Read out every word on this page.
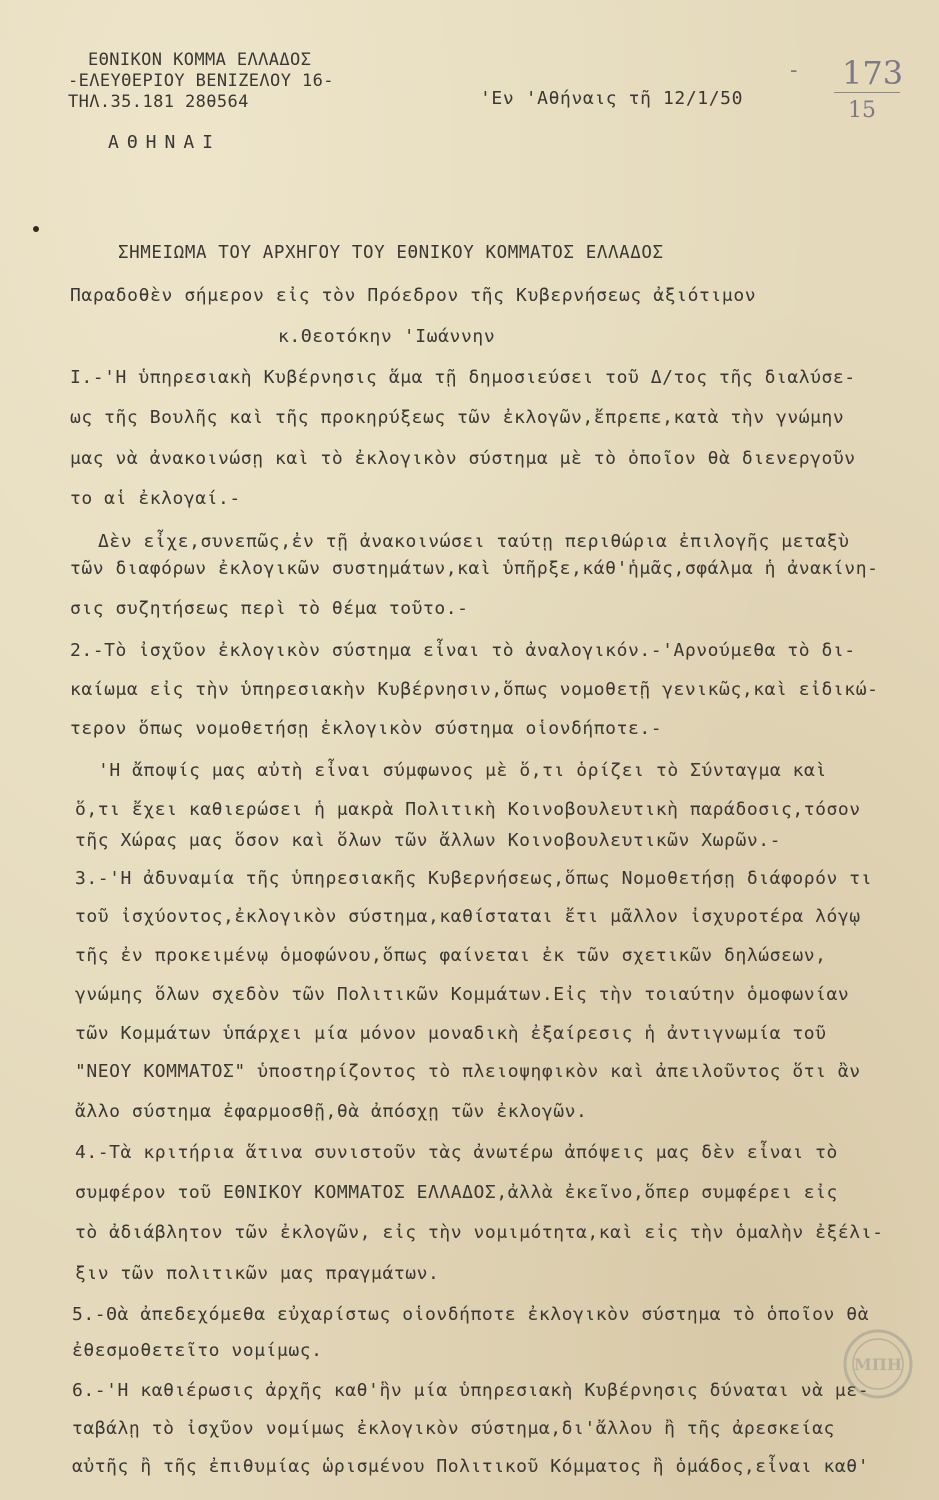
ΕΘΝΙΚΟΝ ΚΟΜΜΑ ΕΛΛΑΔΟΣ
-ΕΛΕΥΘΕΡΙΟΥ ΒΕΝΙΖΕΛΟΥ 16-
ΤΗΛ.35.181 28θ564
ΑΘΗΝΑΙ
'Εν 'Αθήναις τῆ 12/1/50
- 173
15
ΣΗΜΕΙΩΜΑ ΤΟΥ ΑΡΧΗΓΟΥ ΤΟΥ ΕΘΝΙΚΟΥ ΚΟΜΜΑΤΟΣ ΕΛΛΑΔΟΣ
Παραδοθὲν σήμερον εἰς τὸν Πρόεδρον τῆς Κυβερνήσεως ἀξιότιμον
κ.Θεοτόκην 'Ιωάννην
I.-'Η ὑπηρεσιακὴ Κυβέρνησις ἅμα τῇ δημοσιεύσει τοῦ Δ/τος τῆς διαλύσε-
ως τῆς Βουλῆς καὶ τῆς προκηρύξεως τῶν ἐκλογῶν,ἔπρεπε,κατὰ τὴν γνώμην
μας νὰ ἀνακοινώσῃ καὶ τὸ ἐκλογικὸν σύστημα μὲ τὸ ὁποῖον θὰ διενεργοῦν
το αἱ ἐκλογαί.-
Δὲν εἶχε,συνεπῶς,ἐν τῇ ἀνακοινώσει ταύτῃ περιθώρια ἐπιλογῆς μεταξὺ
τῶν διαφόρων ἐκλογικῶν συστημάτων,καὶ ὑπῆρξε,κάθ'ἡμᾶς,σφάλμα ἡ ἀνακίνη-
σις συζητήσεως περὶ τὸ θέμα τοῦτο.-
2.-Τὸ ἰσχῦον ἐκλογικὸν σύστημα εἶναι τὸ ἀναλογικόν.-'Αρνούμεθα τὸ δι-
καίωμα εἰς τὴν ὑπηρεσιακὴν Κυβέρνησιν,ὅπως νομοθετῇ γενικῶς,καὶ εἰδικώ-
τερον ὅπως νομοθετήσῃ ἐκλογικὸν σύστημα οἱονδήποτε.-
'Η ἄποψίς μας αὐτὴ εἶναι σύμφωνος μὲ ὅ,τι ὁρίζει τὸ Σύνταγμα καὶ
ὅ,τι ἔχει καθιερώσει ἡ μακρὰ Πολιτικὴ Κοινοβουλευτικὴ παράδοσις,τόσον
τῆς Χώρας μας ὅσον καὶ ὅλων τῶν ἄλλων Κοινοβουλευτικῶν Χωρῶν.-
3.-'Η ἀδυναμία τῆς ὑπηρεσιακῆς Κυβερνήσεως,ὅπως Νομοθετήσῃ διάφορόν τι
τοῦ ἰσχύοντος,ἐκλογικὸν σύστημα,καθίσταται ἔτι μᾶλλον ἰσχυροτέρα λόγῳ
τῆς ἐν προκειμένῳ ὁμοφώνου,ὅπως φαίνεται ἐκ τῶν σχετικῶν δηλώσεων,
γνώμης ὅλων σχεδὸν τῶν Πολιτικῶν Κομμάτων.Εἰς τὴν τοιαύτην ὁμοφωνίαν
τῶν Κομμάτων ὑπάρχει μία μόνον μοναδικὴ ἐξαίρεσις ἡ ἀντιγνωμία τοῦ
"ΝΕΟΥ ΚΟΜΜΑΤΟΣ" ὑποστηρίζοντος τὸ πλειοψηφικὸν καὶ ἀπειλοῦντος ὅτι ἂν
ἄλλο σύστημα ἐφαρμοσθῇ,θὰ ἀπόσχῃ τῶν ἐκλογῶν.
4.-Τὰ κριτήρια ἅτινα συνιστοῦν τὰς ἀνωτέρω ἀπόψεις μας δὲν εἶναι τὸ
συμφέρον τοῦ ΕΘΝΙΚΟΥ ΚΟΜΜΑΤΟΣ ΕΛΛΑΔΟΣ,ἀλλὰ ἐκεῖνο,ὅπερ συμφέρει εἰς
τὸ ἀδιάβλητον τῶν ἐκλογῶν, εἰς τὴν νομιμότητα,καὶ εἰς τὴν ὁμαλὴν ἐξέλι-
ξιν τῶν πολιτικῶν μας πραγμάτων.
5.-Θὰ ἀπεδεχόμεθα εὐχαρίστως οἱονδήποτε ἐκλογικὸν σύστημα τὸ ὁποῖον θὰ
ἐθεσμοθετεῖτο νομίμως.
6.-'Η καθιέρωσις ἀρχῆς καθ'ἣν μία ὑπηρεσιακὴ Κυβέρνησις δύναται νὰ με-
ταβάλῃ τὸ ἰσχῦον νομίμως ἐκλογικὸν σύστημα,δι'ἄλλου ἢ τῆς ἀρεσκείας
αὐτῆς ἢ τῆς ἐπιθυμίας ὡρισμένου Πολιτικοῦ Κόμματος ἢ ὁμάδος,εἶναι καθ'
ΜΠΗ
